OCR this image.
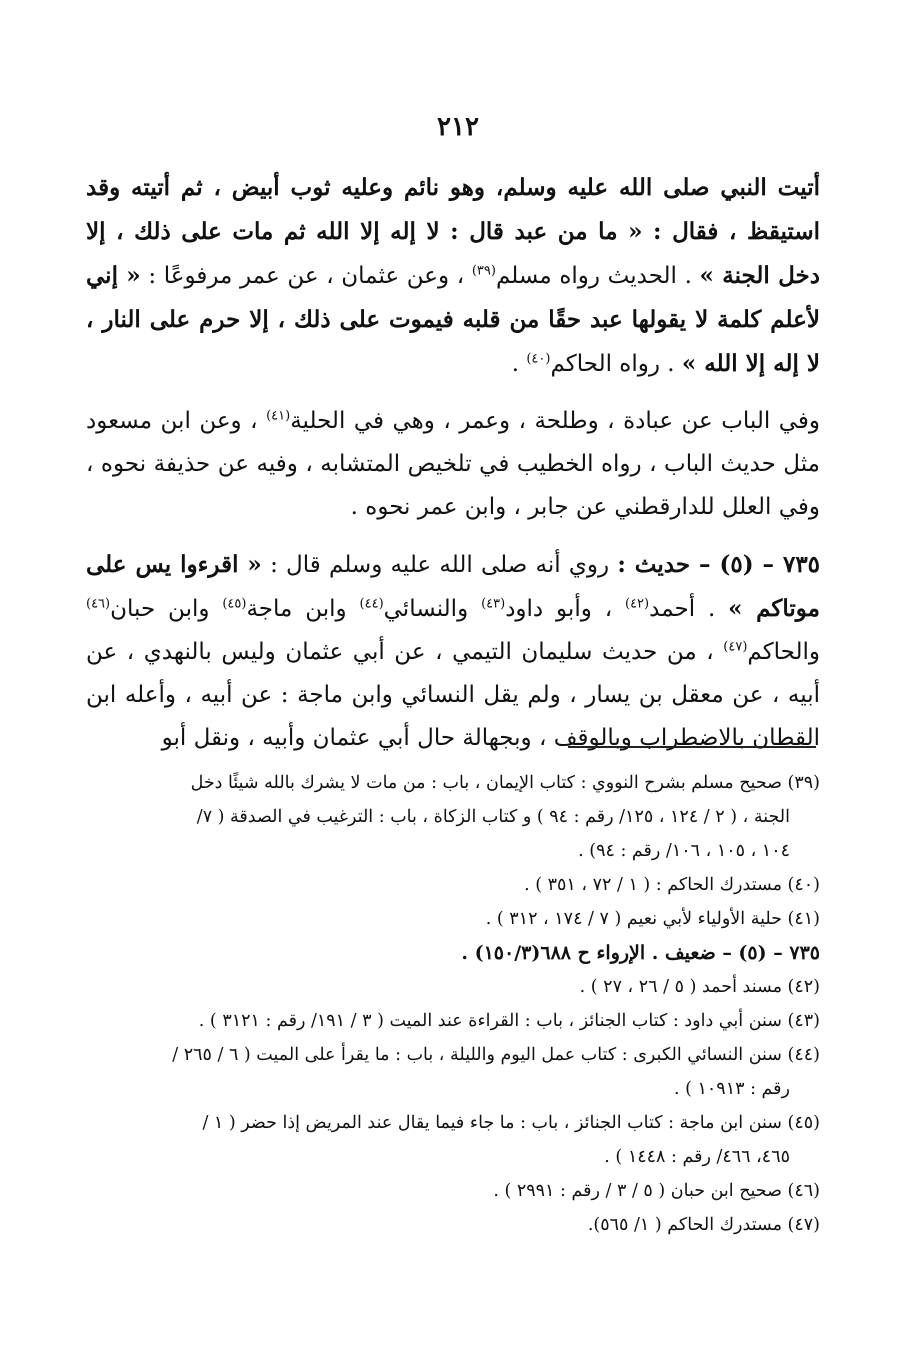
٢١٢

أتيت النبي صلى الله عليه وسلم، وهو نائم وعليه ثوب أبيض ، ثم أتيته وقد استيقظ ، فقال : « ما من عبد قال : لا إله إلا الله ثم مات على ذلك ، إلا دخل الجنة » . الحديث رواه مسلم$^{(٣٩)}$ ، وعن عثمان ، عن عمر مرفوعًا : « إني لأعلم كلمة لا يقولها عبد حقًا من قلبه فيموت على ذلك ، إلا حرم على النار ، لا إله إلا الله » . رواه الحاكم$^{(٤٠)}$ .

وفي الباب عن عبادة ، وطلحة ، وعمر ، وهي في الحلية$^{(٤١)}$ ، وعن ابن مسعود مثل حديث الباب ، رواه الخطيب في تلخيص المتشابه ، وفيه عن حذيفة نحوه ، وفي العلل للدارقطني عن جابر ، وابن عمر نحوه .

٧٣٥ – (٥) – حديث : روي أنه صلى الله عليه وسلم قال : « اقرءوا يس على موتاكم » . أحمد$^{(٤٢)}$ ، وأبو داود$^{(٤٣)}$ والنسائي$^{(٤٤)}$ وابن ماجة$^{(٤٥)}$ وابن حبان$^{(٤٦)}$ والحاكم$^{(٤٧)}$ ، من حديث سليمان التيمي ، عن أبي عثمان وليس بالنهدي ، عن أبيه ، عن معقل بن يسار ، ولم يقل النسائي وابن ماجة : عن أبيه ، وأعله ابن القطان بالاضطراب وبالوقف ، وبجهالة حال أبي عثمان وأبيه ، ونقل أبو

(٣٩) صحيح مسلم بشرح النووي : كتاب الإيمان ، باب : من مات لا يشرك بالله شيئًا دخل
الجنة ، ( ٢ / ١٢٤ ، ١٢٥/ رقم : ٩٤ ) و كتاب الزكاة ، باب : الترغيب في الصدقة ( ٧/
١٠٤ ، ١٠٥ ، ١٠٦/ رقم : ٩٤) .
(٤٠) مستدرك الحاكم : ( ١ / ٧٢ ، ٣٥١ ) .
(٤١) حلية الأولياء لأبي نعيم ( ٧ / ١٧٤ ، ٣١٢ ) .
٧٣٥ – (٥) – ضعيف . الإرواء ح ٦٨٨(١٥٠/٣) .
(٤٢) مسند أحمد ( ٥ / ٢٦ ، ٢٧ ) .
(٤٣) سنن أبي داود : كتاب الجنائز ، باب : القراءة عند الميت ( ٣ / ١٩١/ رقم : ٣١٢١ ) .
(٤٤) سنن النسائي الكبرى : كتاب عمل اليوم والليلة ، باب : ما يقرأ على الميت ( ٦ / ٢٦٥ /
رقم : ١٠٩١٣ ) .
(٤٥) سنن ابن ماجة : كتاب الجنائز ، باب : ما جاء فيما يقال عند المريض إذا حضر ( ١ /
٤٦٥، ٤٦٦/ رقم : ١٤٤٨ ) .
(٤٦) صحيح ابن حبان ( ٥ / ٣ / رقم : ٢٩٩١ ) .
(٤٧) مستدرك الحاكم ( ١/ ٥٦٥).
